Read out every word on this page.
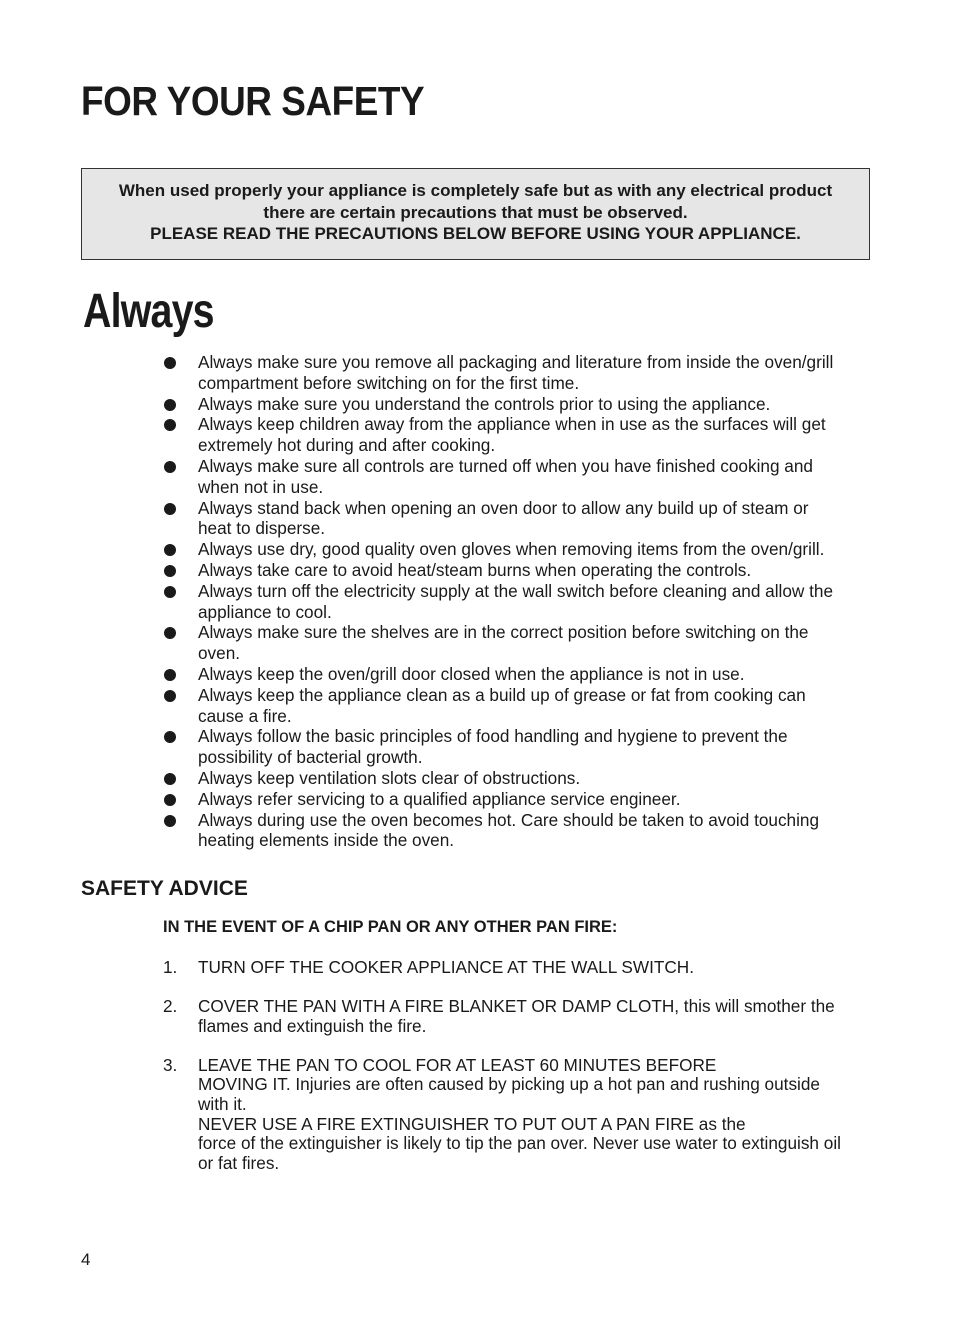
FOR YOUR SAFETY
When used properly your appliance is completely safe but as with any electrical product
there are certain precautions that must be observed.
PLEASE READ THE PRECAUTIONS BELOW BEFORE USING YOUR APPLIANCE.
Always
Always make sure you remove all packaging and literature from inside the oven/grill compartment before switching on for the first time.
Always make sure you understand the controls prior to using the appliance.
Always keep children away from the appliance when in use as the surfaces will get extremely hot during and after cooking.
Always make sure all controls are turned off when you have finished cooking and when not in use.
Always stand back when opening an oven door to allow any build up of steam or heat to disperse.
Always use dry, good quality oven gloves when removing items from the oven/grill.
Always take care to avoid heat/steam burns when operating the controls.
Always turn off the electricity supply at the wall switch before cleaning and allow the appliance to cool.
Always make sure the shelves are in the correct position before switching on the oven.
Always keep the oven/grill door closed when the appliance is not in use.
Always keep the appliance clean as a build up of grease or fat from cooking can cause a fire.
Always follow the basic principles of food handling and hygiene to prevent the possibility of bacterial growth.
Always keep ventilation slots clear of obstructions.
Always refer servicing to a qualified appliance service engineer.
Always during use the oven becomes hot. Care should be taken to avoid touching heating elements inside the oven.
SAFETY ADVICE

IN THE EVENT OF A CHIP PAN OR ANY OTHER PAN FIRE:

1. TURN OFF THE COOKER APPLIANCE AT THE WALL SWITCH.
2. COVER THE PAN WITH A FIRE BLANKET OR DAMP CLOTH, this will smother the flames and extinguish the fire.
3. LEAVE THE PAN TO COOL FOR AT LEAST 60 MINUTES BEFORE
MOVING IT. Injuries are often caused by picking up a hot pan and rushing outside with it.
NEVER USE A FIRE EXTINGUISHER TO PUT OUT A PAN FIRE as the
force of the extinguisher is likely to tip the pan over. Never use water to extinguish oil or fat fires.
4
